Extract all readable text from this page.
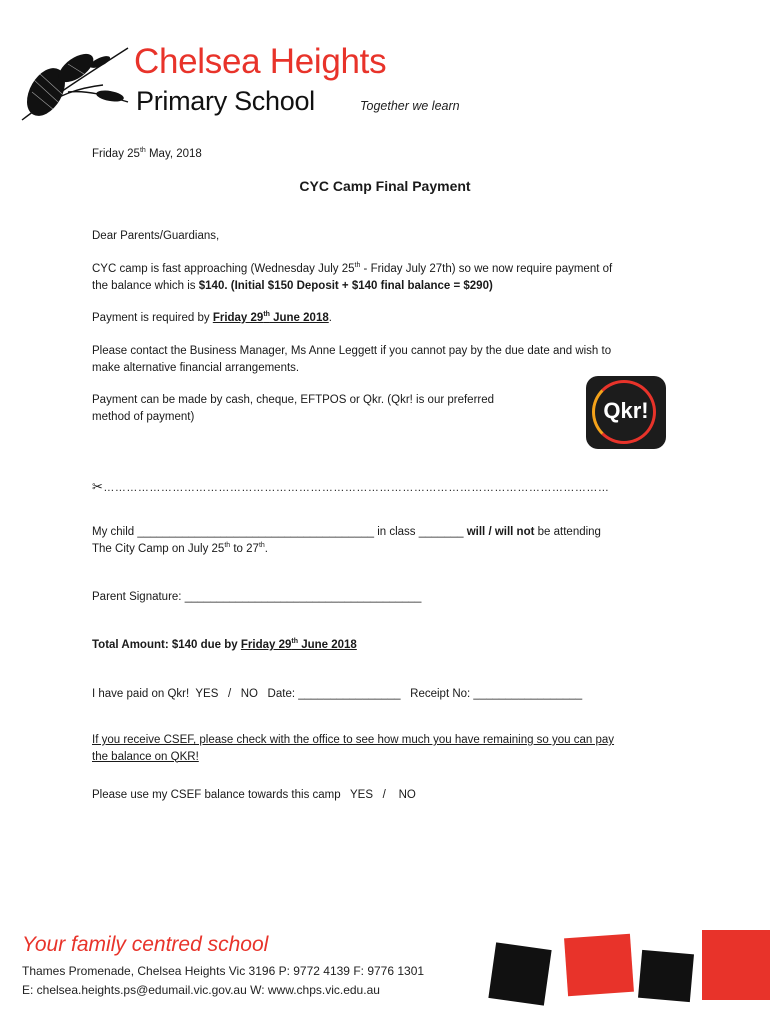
Chelsea Heights
Primary School	Together we learn
Friday 25th May, 2018
CYC Camp Final Payment
Dear Parents/Guardians,
CYC camp is fast approaching (Wednesday July 25th - Friday July 27th) so we now require payment of
the balance which is $140. (Initial $150 Deposit + $140 final balance = $290)
Payment is required by Friday 29th June 2018.
Please contact the Business Manager, Ms Anne Leggett if you cannot pay by the due date and wish to
make alternative financial arrangements.
Payment can be made by cash, cheque, EFTPOS or Qkr. (Qkr! is our preferred
method of payment)	Qkr!
✂……………………………………………………………………………………………………………………
My child _____________________________________ in class _______ will / will not be attending
The City Camp on July 25th to 27th.
Parent Signature: _____________________________________
Total Amount: $140 due by Friday 29th June 2018
I have paid on Qkr!  YES   /   NO   Date: ________________   Receipt No: _________________
If you receive CSEF, please check with the office to see how much you have remaining so you can pay
the balance on QKR!
Please use my CSEF balance towards this camp   YES   /    NO
Your family centred school
Thames Promenade, Chelsea Heights Vic 3196 P: 9772 4139 F: 9776 1301
E: chelsea.heights.ps@edumail.vic.gov.au W: www.chps.vic.edu.au
